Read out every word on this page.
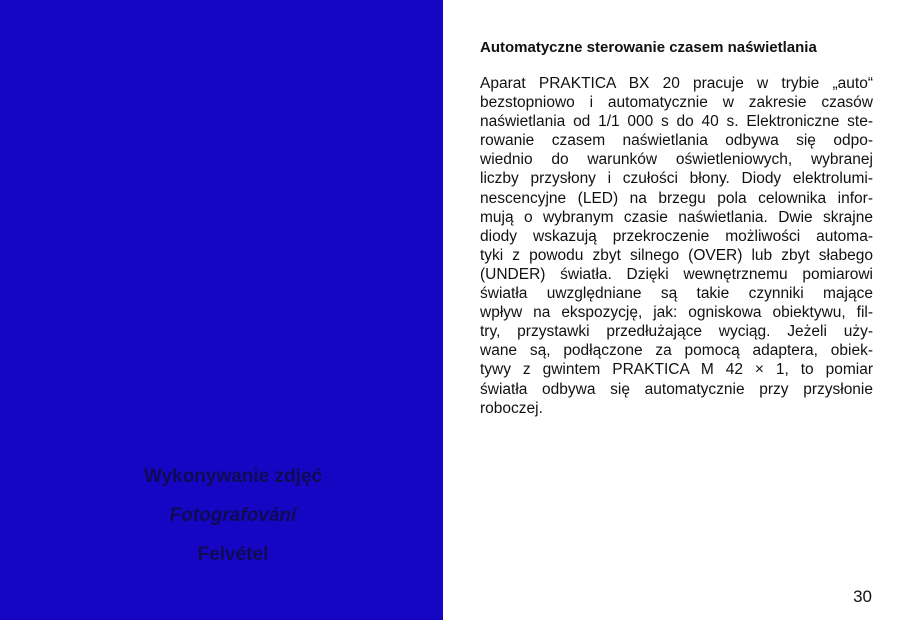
Wykonywanie zdjęć
Fotografování
Felvétel
Automatyczne sterowanie czasem naświetlania
Aparat PRAKTICA BX 20 pracuje w trybie „auto“
bezstopniowo i automatycznie w zakresie czasów
naświetlania od 1/1 000 s do 40 s. Elektroniczne ste-
rowanie czasem naświetlania odbywa się odpo-
wiednio do warunków oświetleniowych, wybranej
liczby przysłony i czułości błony. Diody elektrolumi-
nescencyjne (LED) na brzegu pola celownika infor-
mują o wybranym czasie naświetlania. Dwie skrajne
diody wskazują przekroczenie możliwości automa-
tyki z powodu zbyt silnego (OVER) lub zbyt słabego
(UNDER) światła. Dzięki wewnętrznemu pomiarowi
światła uwzględniane są takie czynniki mające
wpływ na ekspozycję, jak: ogniskowa obiektywu, fil-
try, przystawki przedłużające wyciąg. Jeżeli uży-
wane są, podłączone za pomocą adaptera, obiek-
tywy z gwintem PRAKTICA M 42 × 1, to pomiar
światła odbywa się automatycznie przy przysłonie
roboczej.
30
